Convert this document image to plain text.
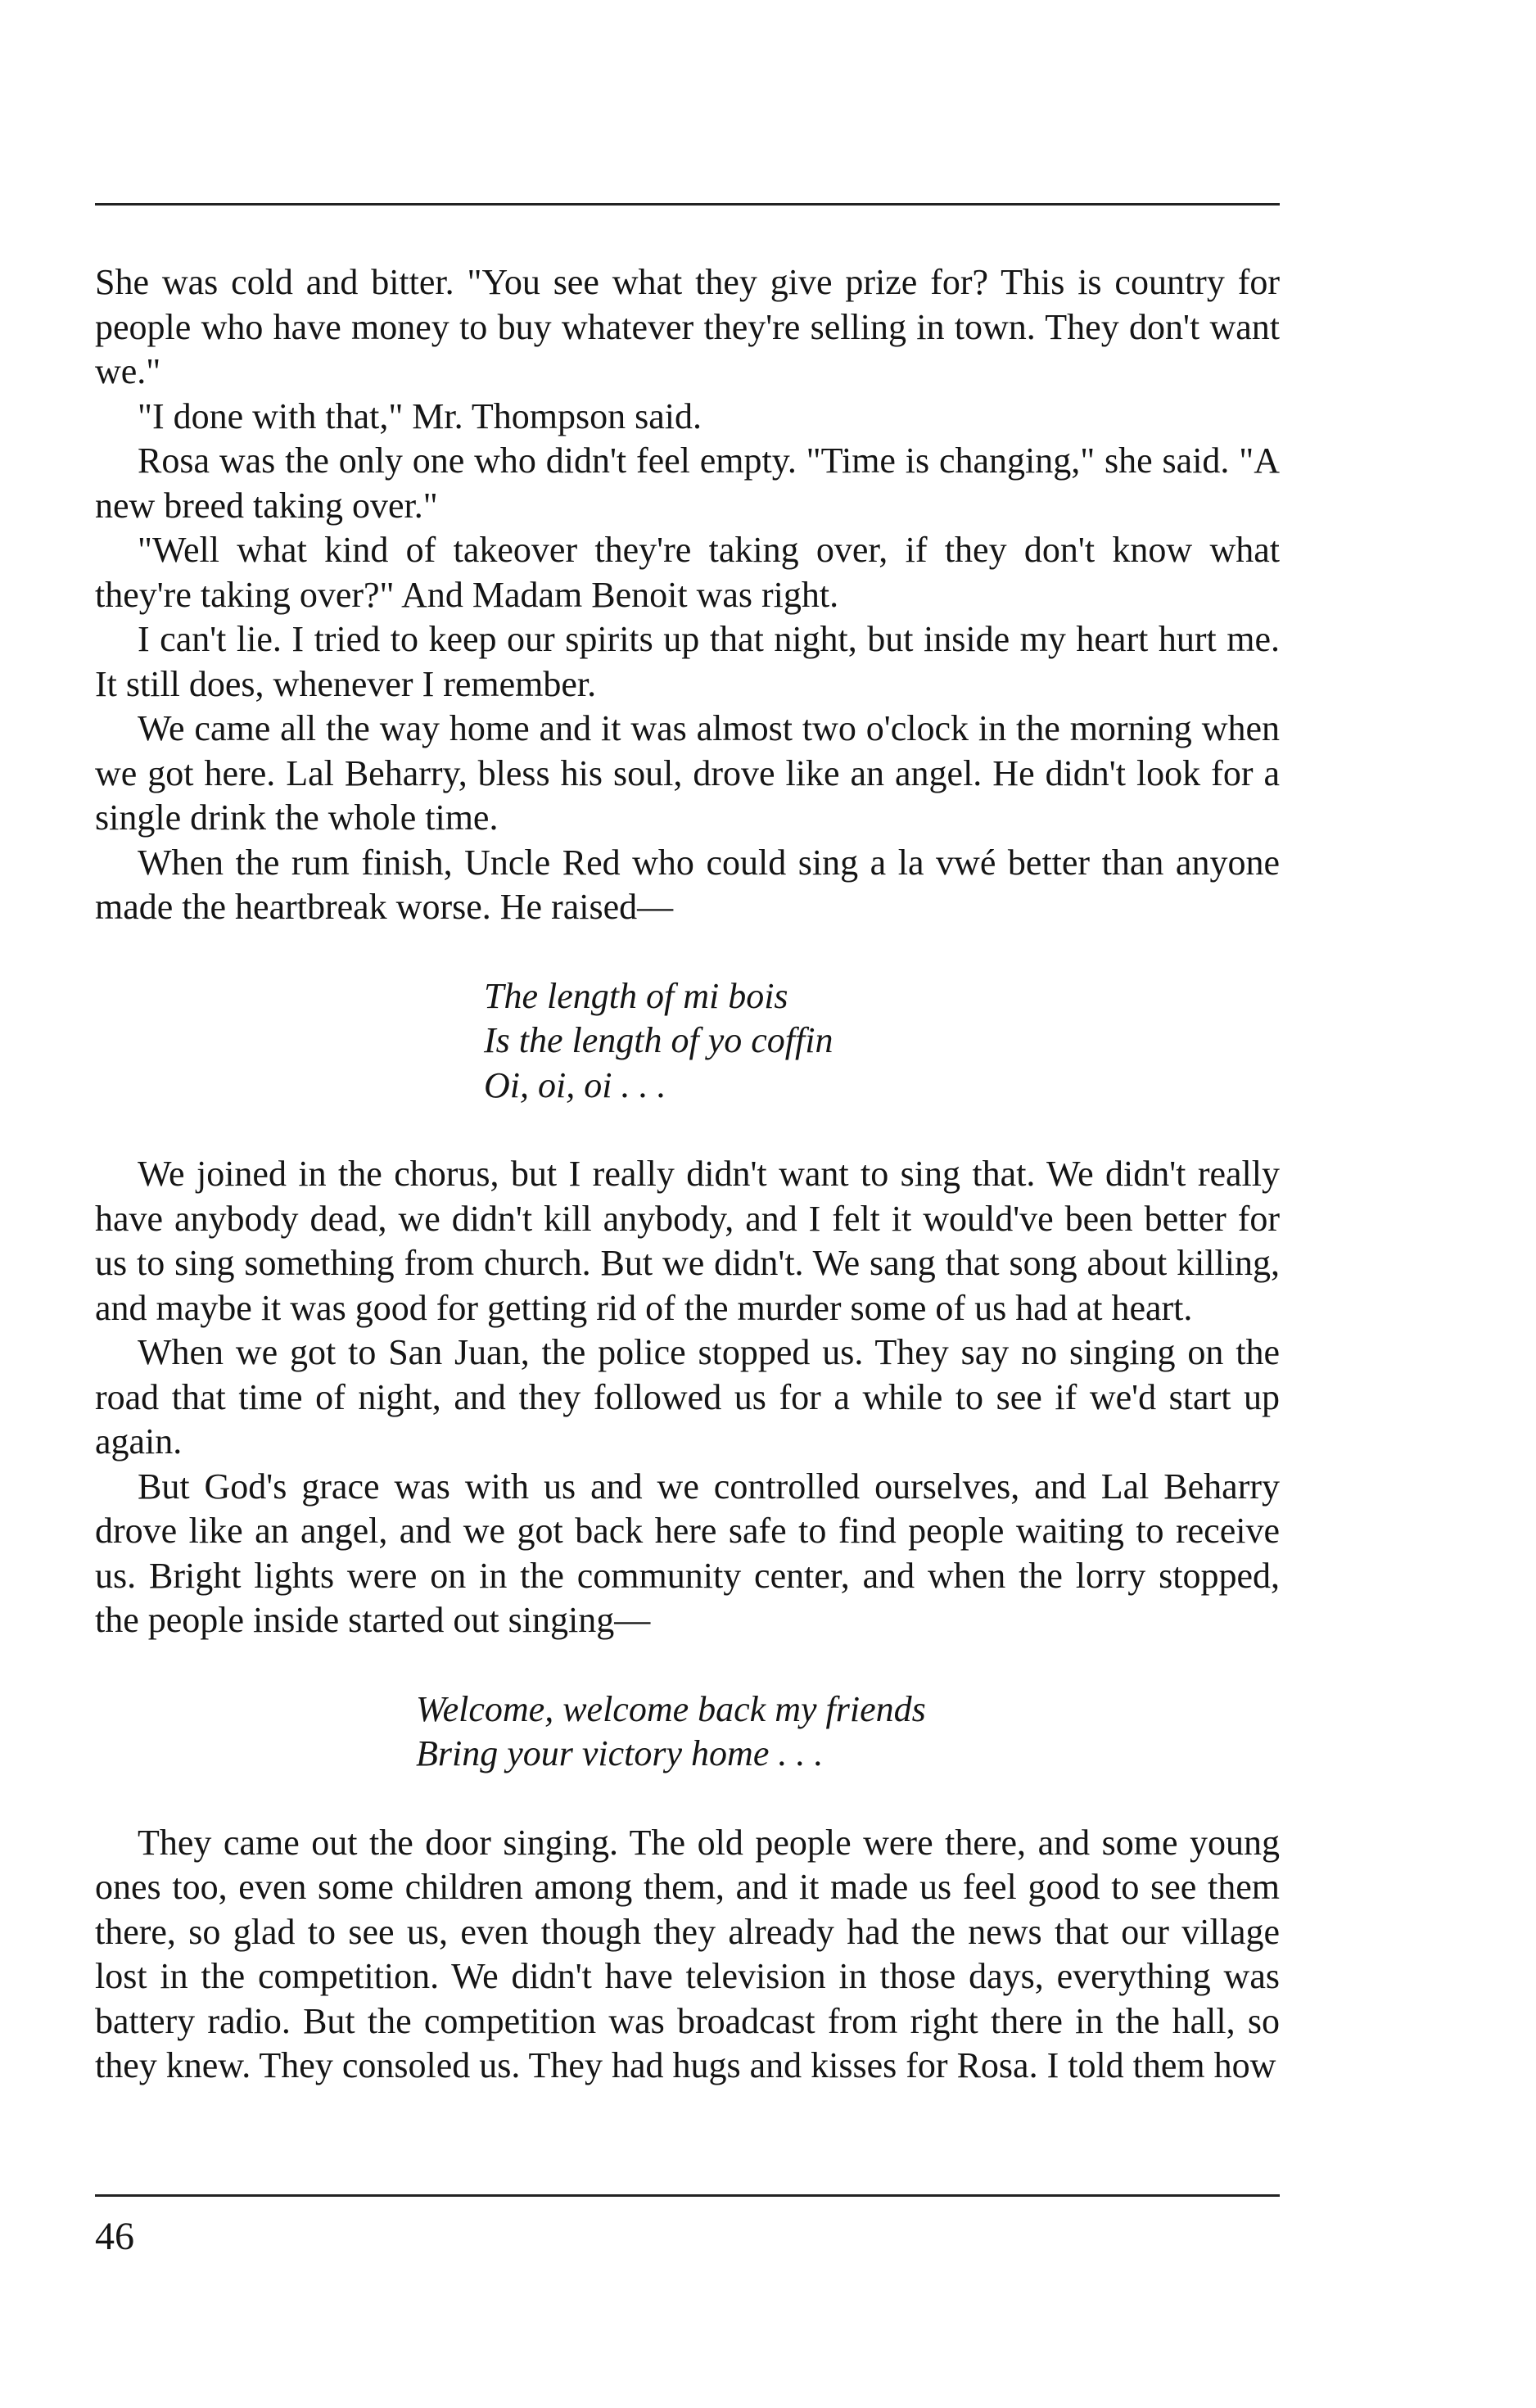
She was cold and bitter. "You see what they give prize for? This is country for people who have money to buy whatever they're selling in town. They don't want we."

"I done with that," Mr. Thompson said.

Rosa was the only one who didn't feel empty. "Time is changing," she said. "A new breed taking over."

"Well what kind of takeover they're taking over, if they don't know what they're taking over?" And Madam Benoit was right.

I can't lie. I tried to keep our spirits up that night, but inside my heart hurt me. It still does, whenever I remember.

We came all the way home and it was almost two o'clock in the morning when we got here. Lal Beharry, bless his soul, drove like an angel. He didn't look for a single drink the whole time.

When the rum finish, Uncle Red who could sing a la vwé better than anyone made the heartbreak worse. He raised—

The length of mi bois
Is the length of yo coffin
Oi, oi, oi . . .

We joined in the chorus, but I really didn't want to sing that. We didn't really have anybody dead, we didn't kill anybody, and I felt it would've been better for us to sing something from church. But we didn't. We sang that song about killing, and maybe it was good for getting rid of the murder some of us had at heart.

When we got to San Juan, the police stopped us. They say no singing on the road that time of night, and they followed us for a while to see if we'd start up again.

But God's grace was with us and we controlled ourselves, and Lal Beharry drove like an angel, and we got back here safe to find people waiting to receive us. Bright lights were on in the community center, and when the lorry stopped, the people inside started out singing—

Welcome, welcome back my friends
Bring your victory home . . .

They came out the door singing. The old people were there, and some young ones too, even some children among them, and it made us feel good to see them there, so glad to see us, even though they already had the news that our village lost in the competition. We didn't have television in those days, everything was battery radio. But the competition was broadcast from right there in the hall, so they knew. They consoled us. They had hugs and kisses for Rosa. I told them how

46
